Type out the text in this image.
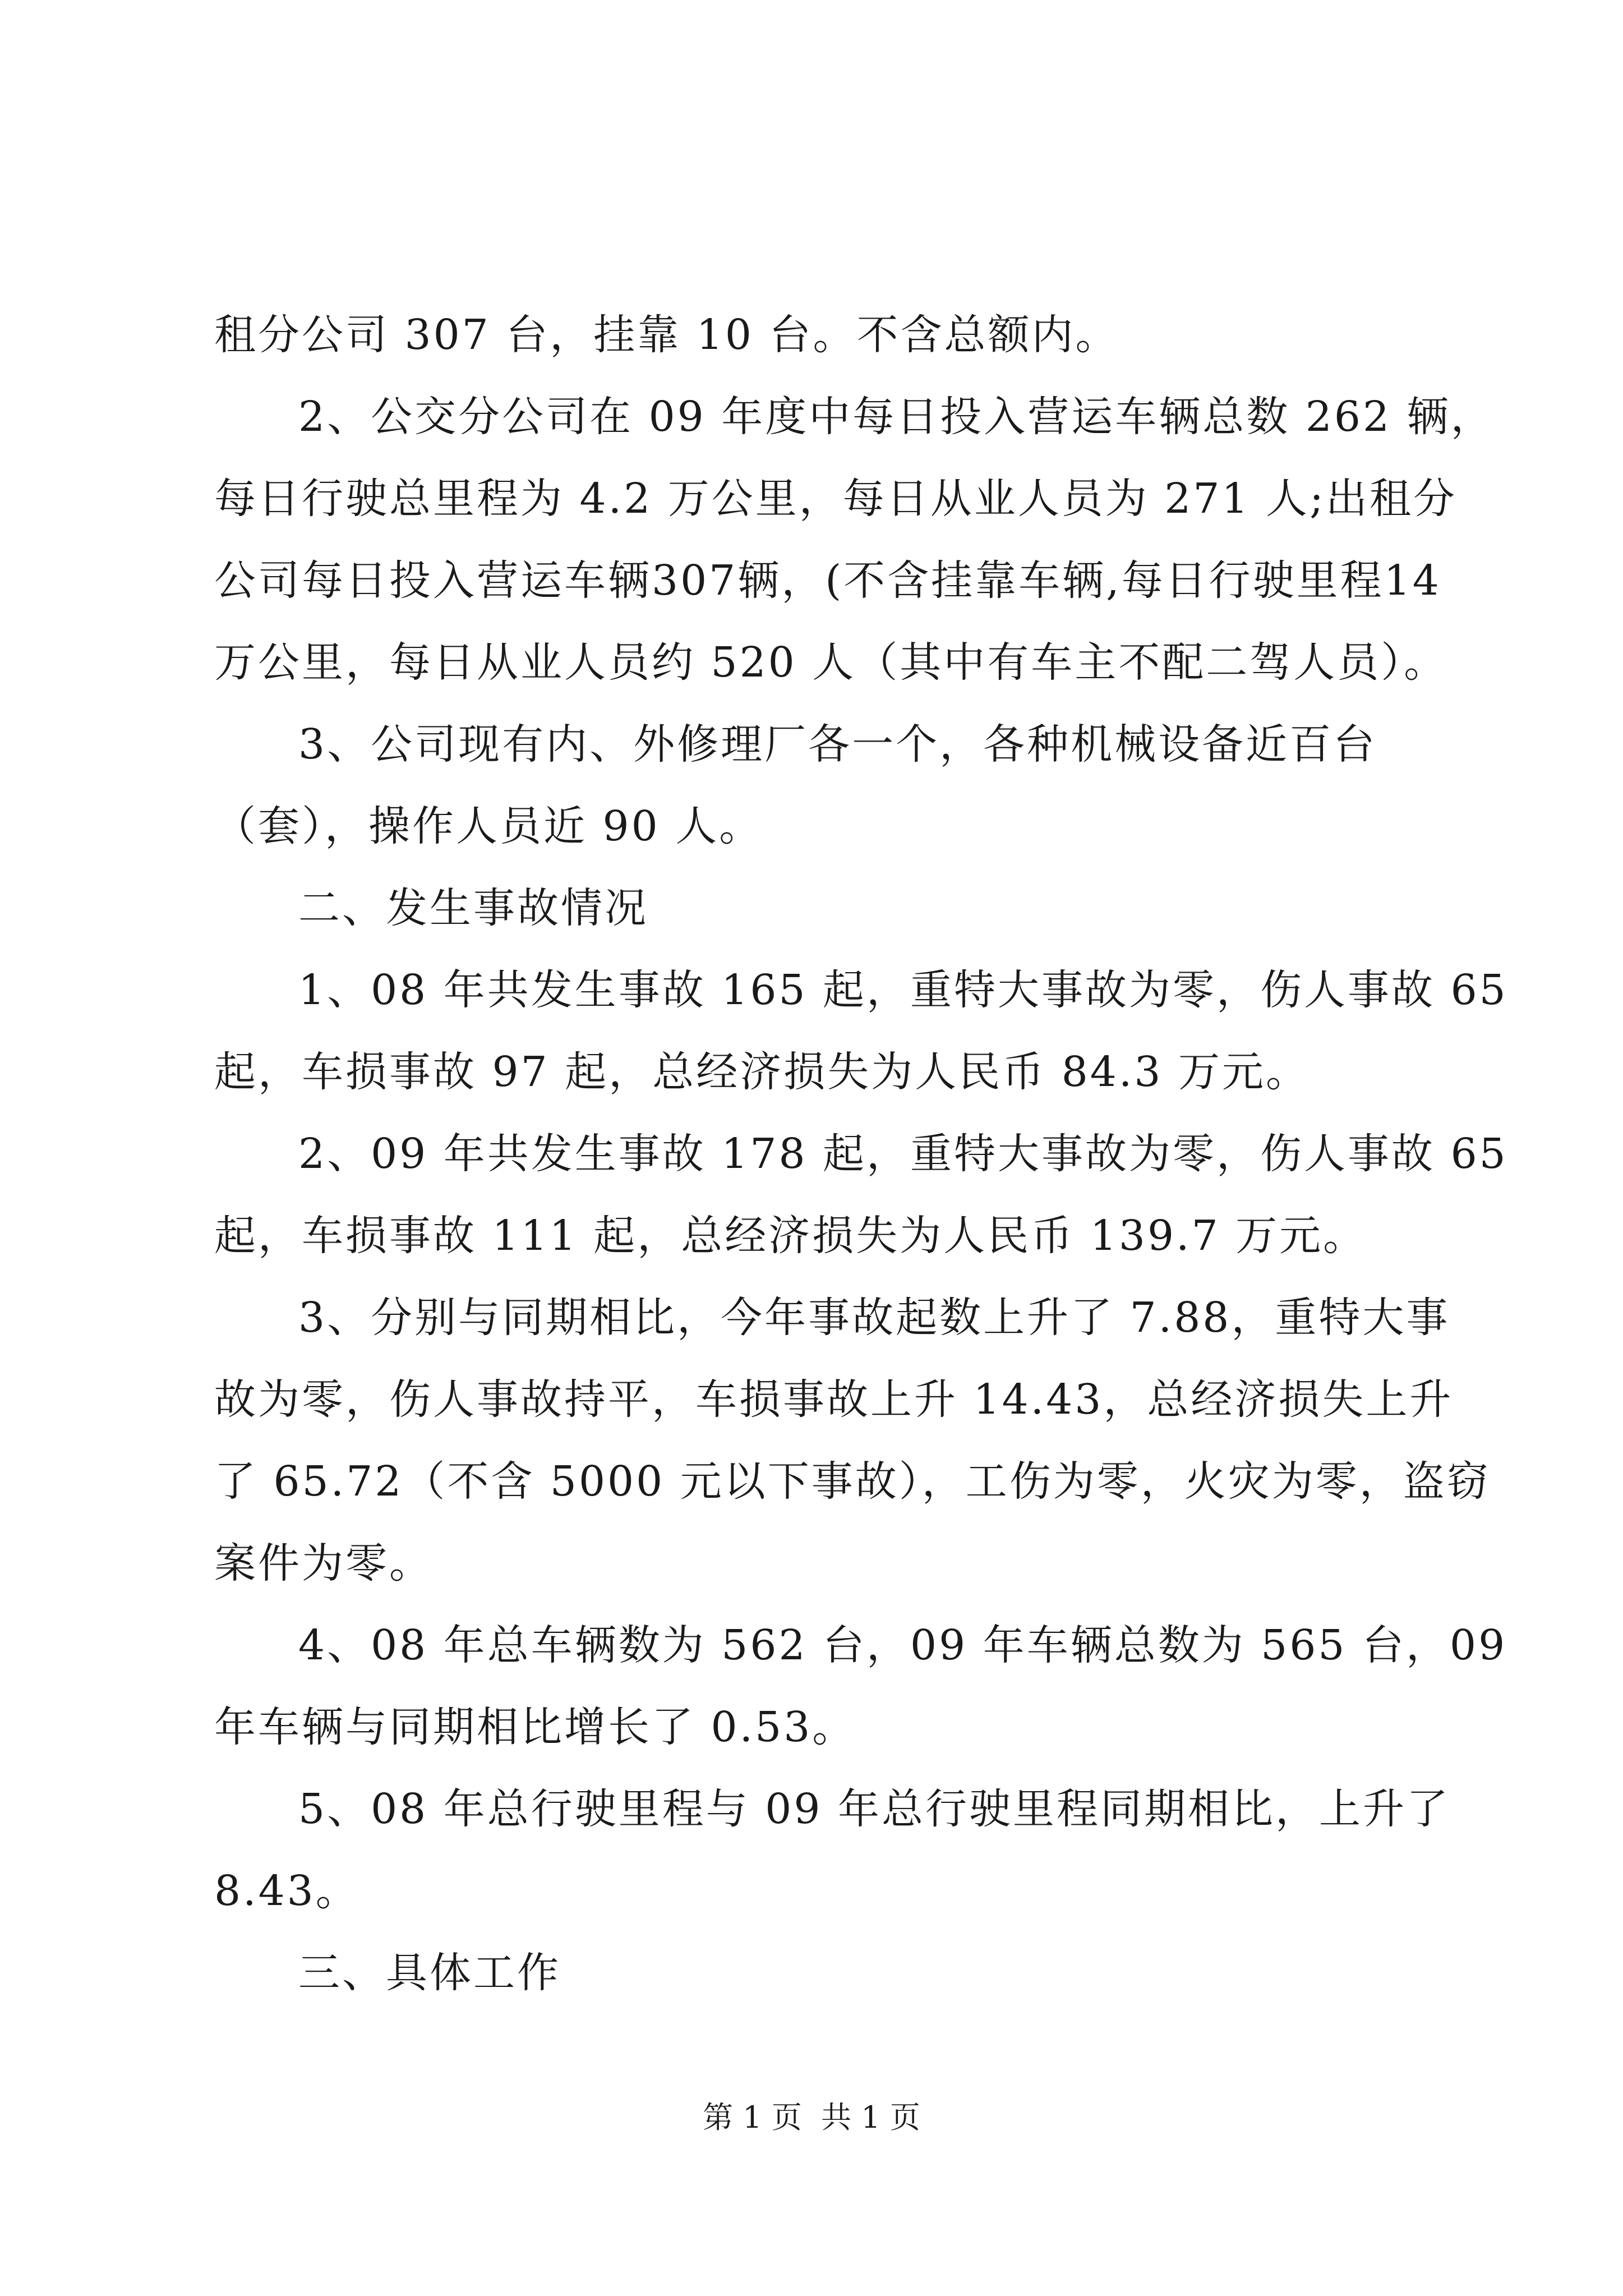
租分公司 307 台，挂靠 10 台。不含总额内。
2、公交分公司在 09 年度中每日投入营运车辆总数 262 辆，
每日行驶总里程为 4.2 万公里，每日从业人员为 271 人;出租分
公司每日投入营运车辆307辆，(不含挂靠车辆,每日行驶里程14
万公里，每日从业人员约 520 人（其中有车主不配二驾人员）。
3、公司现有内、外修理厂各一个，各种机械设备近百台
（套），操作人员近 90 人。
二、发生事故情况
1、08 年共发生事故 165 起，重特大事故为零，伤人事故 65
起，车损事故 97 起，总经济损失为人民币 84.3 万元。
2、09 年共发生事故 178 起，重特大事故为零，伤人事故 65
起，车损事故 111 起，总经济损失为人民币 139.7 万元。
3、分别与同期相比，今年事故起数上升了 7.88，重特大事
故为零，伤人事故持平，车损事故上升 14.43，总经济损失上升
了 65.72（不含 5000 元以下事故），工伤为零，火灾为零，盗窃
案件为零。
4、08 年总车辆数为 562 台，09 年车辆总数为 565 台，09
年车辆与同期相比增长了 0.53。
5、08 年总行驶里程与 09 年总行驶里程同期相比，上升了
8.43。
三、具体工作
第 1 页  共 1 页
